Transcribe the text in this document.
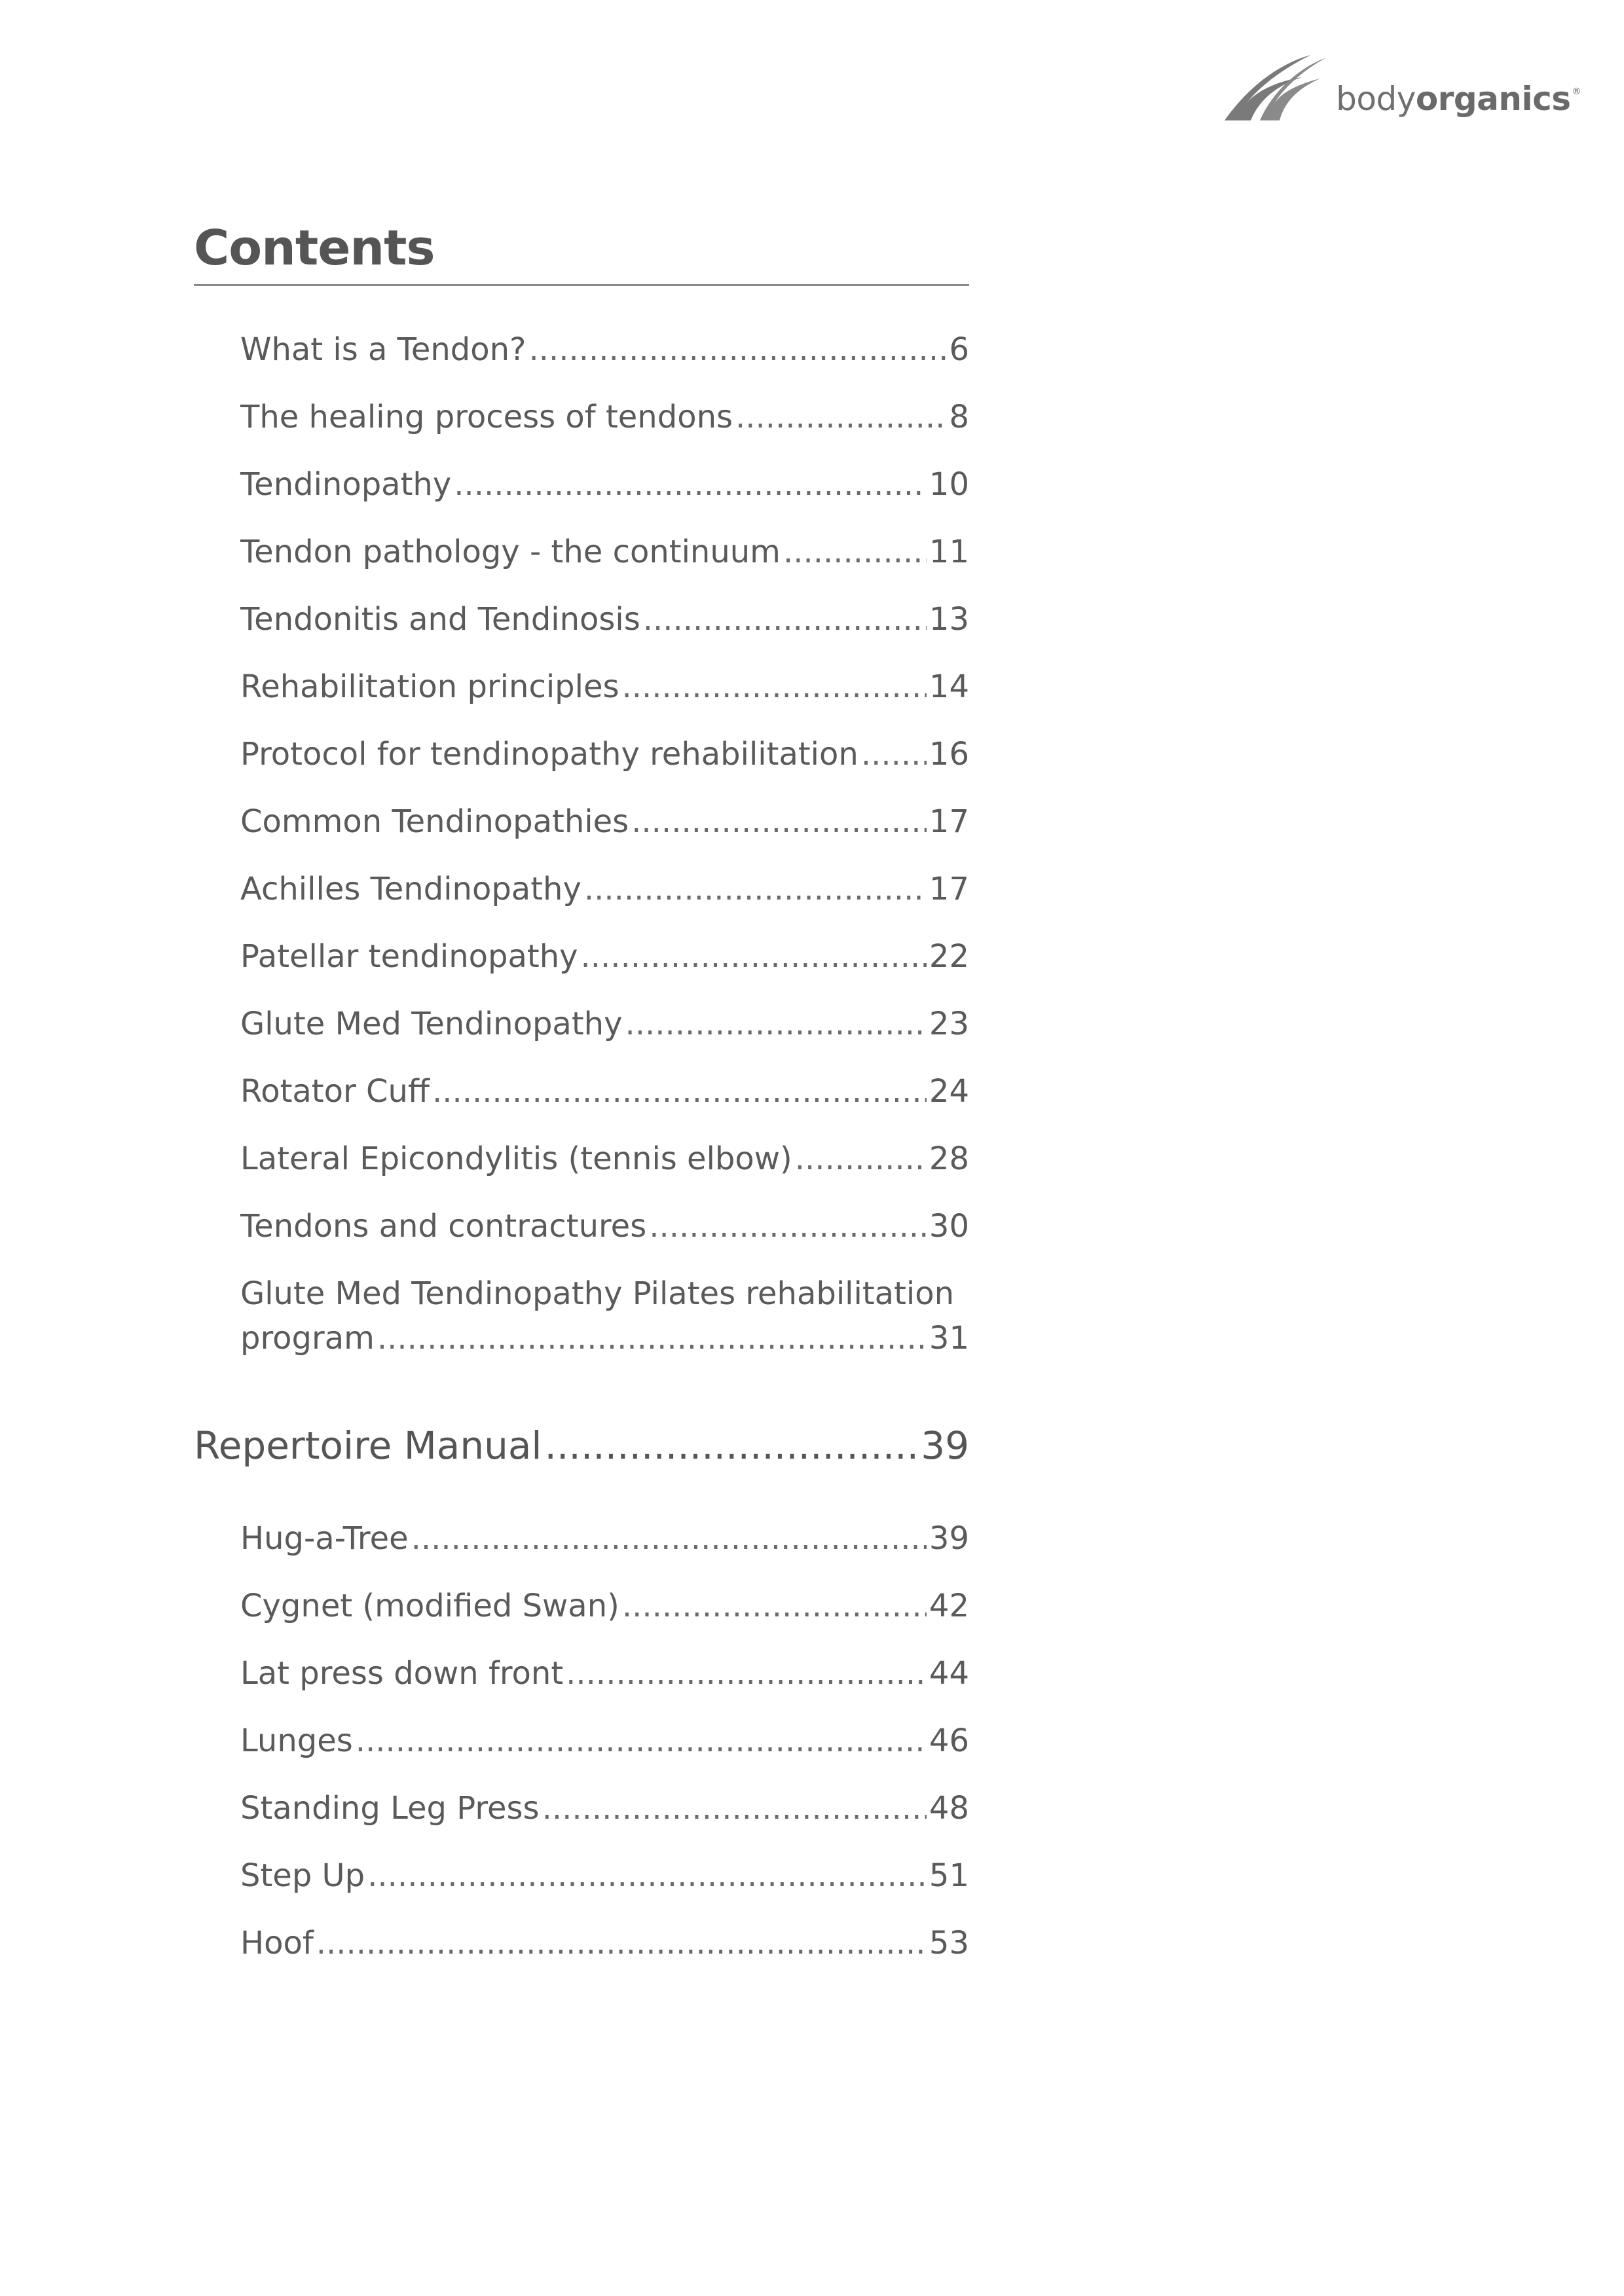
bodyorganics ®
Contents
What is a Tendon? .....	6
The healing process of tendons .....	8
Tendinopathy .....	10
Tendon pathology - the continuum .....	11
Tendonitis and Tendinosis .....	13
Rehabilitation principles .....	14
Protocol for tendinopathy rehabilitation ..... 16
Common Tendinopathies .....	17
Achilles Tendinopathy .....	17
Patellar tendinopathy .....	22
Glute Med Tendinopathy .....	23
Rotator Cuff .....	24
Lateral Epicondylitis (tennis elbow) .....	28
Tendons and contractures .....	30
Glute Med Tendinopathy Pilates rehabilitation
program .....	31
Repertoire Manual .....	39
Hug-a-Tree .....	39
Cygnet (modified Swan) .....	42
Lat press down front .....	44
Lunges .....	46
Standing Leg Press .....	48
Step Up .....	51
Hoof .....	53
